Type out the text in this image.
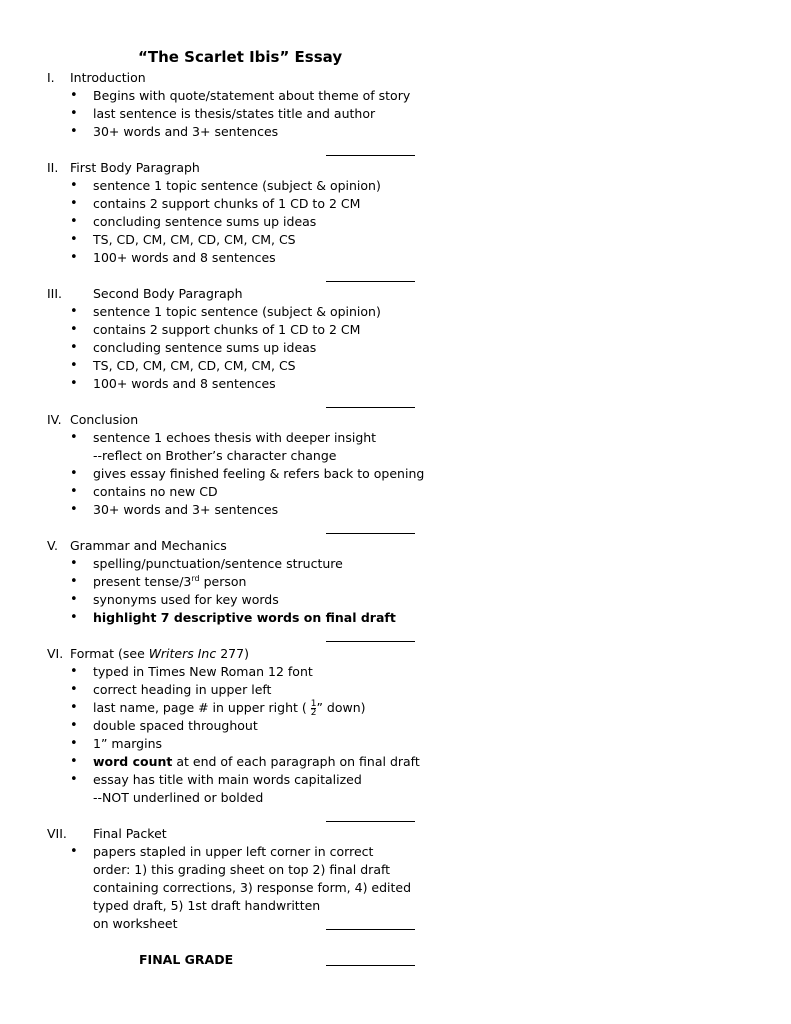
“The Scarlet Ibis” Essay
I. Introduction
• Begins with quote/statement about theme of story
• last sentence is thesis/states title and author
• 30+ words and 3+ sentences
II. First Body Paragraph
• sentence 1 topic sentence (subject & opinion)
• contains 2 support chunks of 1 CD to 2 CM
• concluding sentence sums up ideas
• TS, CD, CM, CM, CD, CM, CM, CS
• 100+ words and 8 sentences
III. Second Body Paragraph
• sentence 1 topic sentence (subject & opinion)
• contains 2 support chunks of 1 CD to 2 CM
• concluding sentence sums up ideas
• TS, CD, CM, CM, CD, CM, CM, CS
• 100+ words and 8 sentences
IV. Conclusion
• sentence 1 echoes thesis with deeper insight
--reflect on Brother’s character change
• gives essay finished feeling & refers back to opening
• contains no new CD
• 30+ words and 3+ sentences
V. Grammar and Mechanics
• spelling/punctuation/sentence structure
• present tense/3rd person
• synonyms used for key words
• highlight 7 descriptive words on final draft
VI. Format (see Writers Inc 277)
• typed in Times New Roman 12 font
• correct heading in upper left
• last name, page # in upper right ( $\frac{1}{2}$ ” down)
• double spaced throughout
• 1” margins
• word count at end of each paragraph on final draft
• essay has title with main words capitalized
--NOT underlined or bolded
VII. Final Packet
• papers stapled in upper left corner in correct
order: 1) this grading sheet on top 2) final draft
containing corrections, 3) response form, 4) edited
typed draft, 5) 1st draft handwritten
on worksheet
FINAL GRADE
